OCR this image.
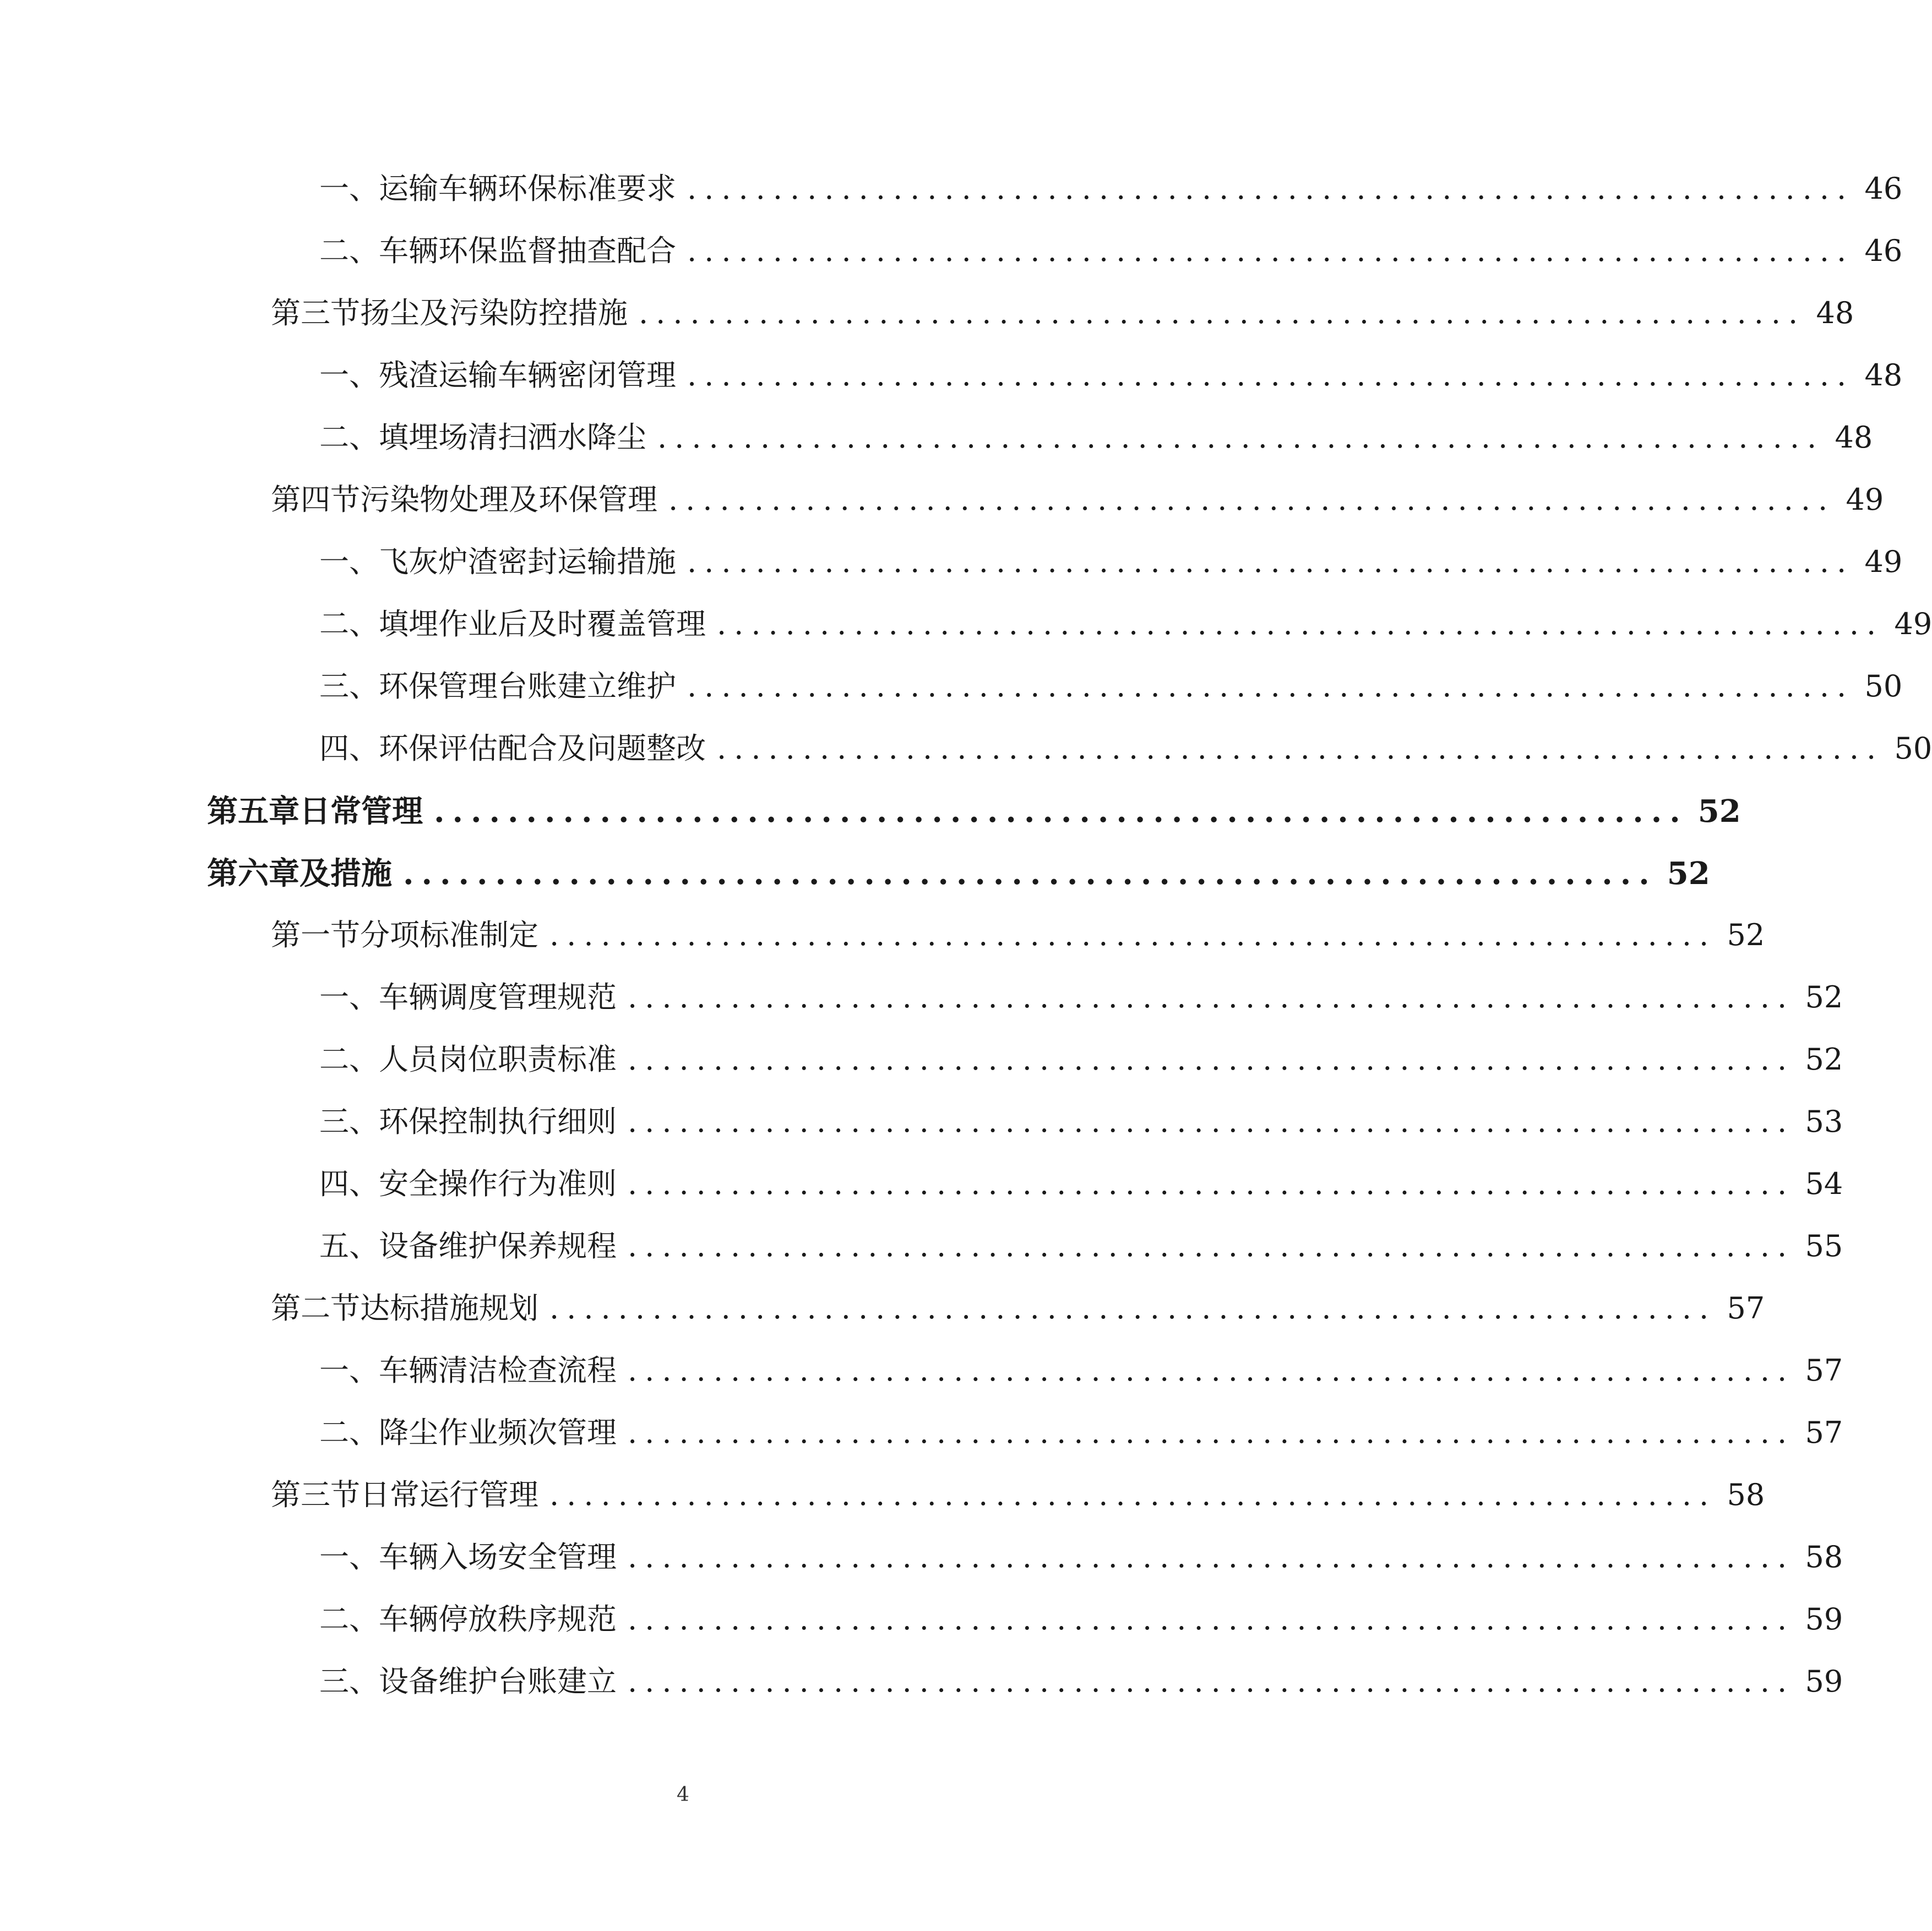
一、 运输车辆环保标准要求 .................................................................... 46
二、 车辆环保监督抽查配合 .................................................................... 46
第三节 扬尘及污染防控措施 .................................................................... 48
一、 残渣运输车辆密闭管理 .................................................................... 48
二、 填埋场清扫洒水降尘 .................................................................... 48
第四节 污染物处理及环保管理 .................................................................... 49
一、 飞灰炉渣密封运输措施 .................................................................... 49
二、 填埋作业后及时覆盖管理 .................................................................... 49
三、 环保管理台账建立维护 .................................................................... 50
四、 环保评估配合及问题整改 .................................................................... 50
第五章 日常管理 .................................................................... 52
第六章 及措施 .................................................................... 52
第一节 分项标准制定 .................................................................... 52
一、 车辆调度管理规范 .................................................................... 52
二、 人员岗位职责标准 .................................................................... 52
三、 环保控制执行细则 .................................................................... 53
四、 安全操作行为准则 .................................................................... 54
五、 设备维护保养规程 .................................................................... 55
第二节 达标措施规划 .................................................................... 57
一、 车辆清洁检查流程 .................................................................... 57
二、 降尘作业频次管理 .................................................................... 57
第三节 日常运行管理 .................................................................... 58
一、 车辆入场安全管理 .................................................................... 58
二、 车辆停放秩序规范 .................................................................... 59
三、 设备维护台账建立 .................................................................... 59
4
